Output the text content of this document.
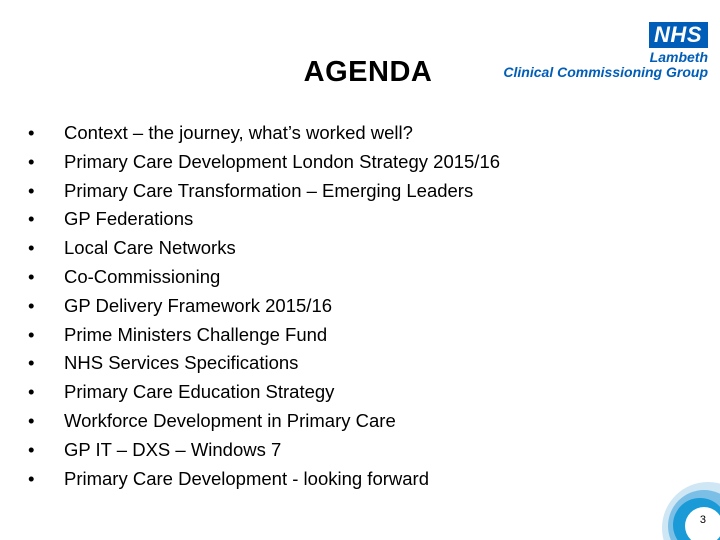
AGENDA
NHS
Lambeth
Clinical Commissioning Group
•	Context – the journey, what’s worked well?
•	Primary Care Development London Strategy 2015/16
•	Primary Care Transformation – Emerging Leaders
•	GP Federations
•	Local Care Networks
•	Co-Commissioning
•	GP Delivery Framework 2015/16
•	Prime Ministers Challenge Fund
•	NHS Services Specifications
•	Primary Care Education Strategy
•	Workforce Development in Primary Care
•	GP IT – DXS – Windows 7
•	Primary Care Development - looking forward
3
